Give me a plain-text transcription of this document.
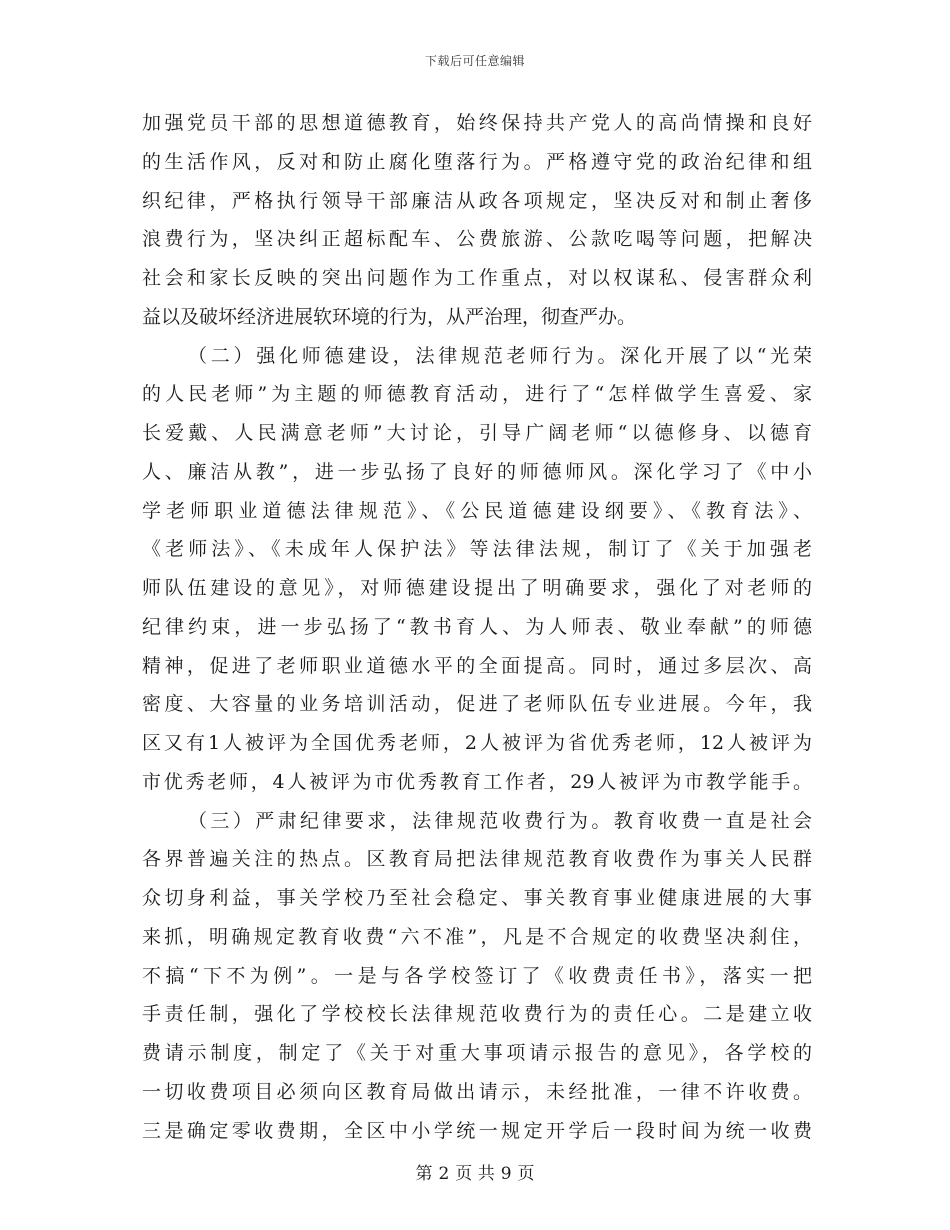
下载后可任意编辑
加强党员干部的思想道德教育，始终保持共产党人的高尚情操和良好
的生活作风，反对和防止腐化堕落行为。严格遵守党的政治纪律和组
织纪律，严格执行领导干部廉洁从政各项规定，坚决反对和制止奢侈
浪费行为，坚决纠正超标配车、公费旅游、公款吃喝等问题，把解决
社会和家长反映的突出问题作为工作重点，对以权谋私、侵害群众利
益以及破坏经济进展软环境的行为，从严治理，彻查严办。
（二）强化师德建设，法律规范老师行为。深化开展了以“光荣
的人民老师”为主题的师德教育活动，进行了“怎样做学生喜爱、家
长爱戴、人民满意老师”大讨论，引导广阔老师“以德修身、以德育
人、廉洁从教”，进一步弘扬了良好的师德师风。深化学习了《中小
学老师职业道德法律规范》、《公民道德建设纲要》、《教育法》、
《老师法》、《未成年人保护法》等法律法规，制订了《关于加强老
师队伍建设的意见》，对师德建设提出了明确要求，强化了对老师的
纪律约束，进一步弘扬了“教书育人、为人师表、敬业奉献”的师德
精神，促进了老师职业道德水平的全面提高。同时，通过多层次、高
密度、大容量的业务培训活动，促进了老师队伍专业进展。今年，我
区又有1人被评为全国优秀老师，2人被评为省优秀老师，12人被评为
市优秀老师，4人被评为市优秀教育工作者，29人被评为市教学能手。
（三）严肃纪律要求，法律规范收费行为。教育收费一直是社会
各界普遍关注的热点。区教育局把法律规范教育收费作为事关人民群
众切身利益，事关学校乃至社会稳定、事关教育事业健康进展的大事
来抓，明确规定教育收费“六不准”，凡是不合规定的收费坚决刹住，
不搞“下不为例”。一是与各学校签订了《收费责任书》，落实一把
手责任制，强化了学校校长法律规范收费行为的责任心。二是建立收
费请示制度，制定了《关于对重大事项请示报告的意见》，各学校的
一切收费项目必须向区教育局做出请示，未经批准，一律不许收费。
三是确定零收费期，全区中小学统一规定开学后一段时间为统一收费
第 2 页 共 9 页
